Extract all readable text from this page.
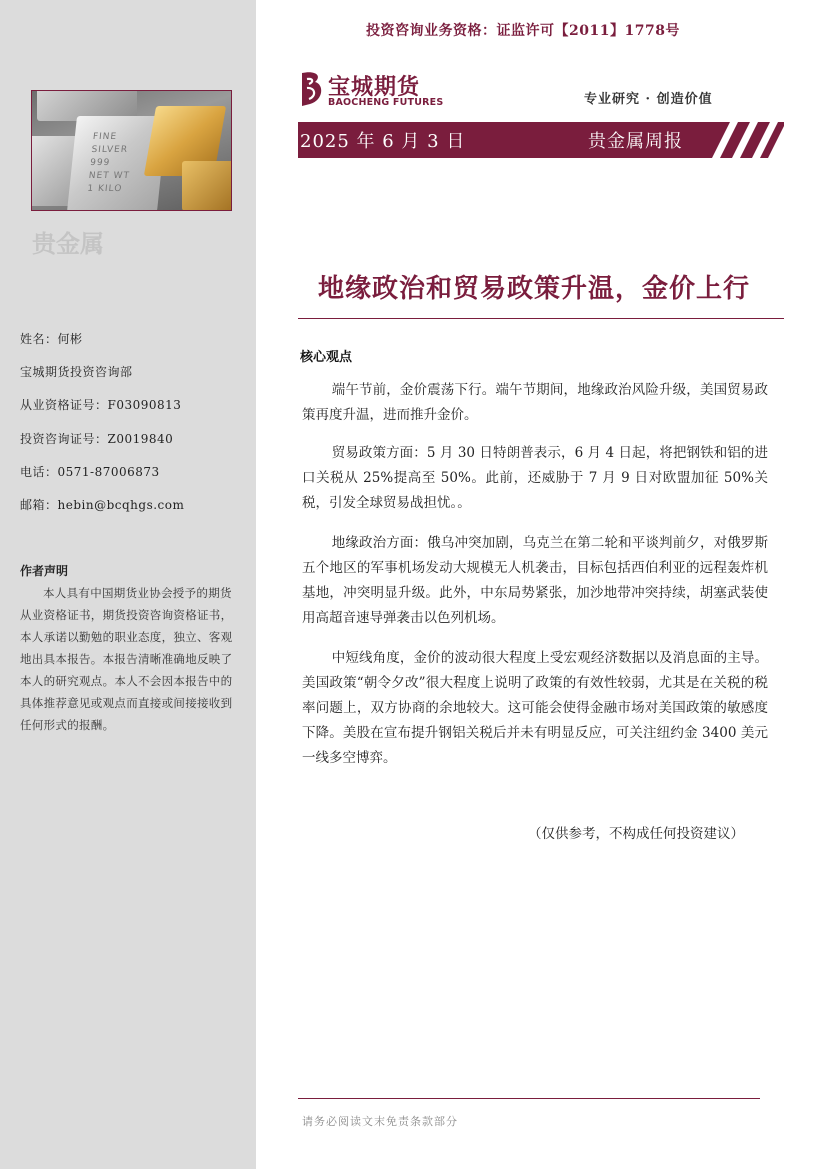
FINE
SILVER
999
NET WT
1 KILO
贵金属
姓名：何彬
宝城期货投资咨询部
从业资格证号：F03090813
投资咨询证号：Z0019840
电话：0571-87006873
邮箱：hebin@bcqhgs.com
作者声明
本人具有中国期货业协会授予的期货从业资格证书，期货投资咨询资格证书，本人承诺以勤勉的职业态度，独立、客观地出具本报告。本报告清晰准确地反映了本人的研究观点。本人不会因本报告中的具体推荐意见或观点而直接或间接接收到任何形式的报酬。
投资咨询业务资格：证监许可【2011】1778号
宝城期货
BAOCHENG FUTURES	专业研究 · 创造价值
2025 年 6 月 3 日	贵金属周报
地缘政治和贸易政策升温，金价上行
核心观点

端午节前，金价震荡下行。端午节期间，地缘政治风险升级，美国贸易政策再度升温，进而推升金价。

贸易政策方面：5 月 30 日特朗普表示，6 月 4 日起，将把钢铁和铝的进口关税从 25%提高至 50%。此前，还威胁于 7 月 9 日对欧盟加征 50%关税，引发全球贸易战担忧。。

地缘政治方面：俄乌冲突加剧，乌克兰在第二轮和平谈判前夕，对俄罗斯五个地区的军事机场发动大规模无人机袭击，目标包括西伯利亚的远程轰炸机基地，冲突明显升级。此外，中东局势紧张，加沙地带冲突持续，胡塞武装使用高超音速导弹袭击以色列机场。

中短线角度，金价的波动很大程度上受宏观经济数据以及消息面的主导。美国政策“朝令夕改”很大程度上说明了政策的有效性较弱，尤其是在关税的税率问题上，双方协商的余地较大。这可能会使得金融市场对美国政策的敏感度下降。美股在宣布提升钢铝关税后并未有明显反应，可关注纽约金 3400 美元一线多空博弈。

（仅供参考，不构成任何投资建议）
请务必阅读文末免责条款部分
